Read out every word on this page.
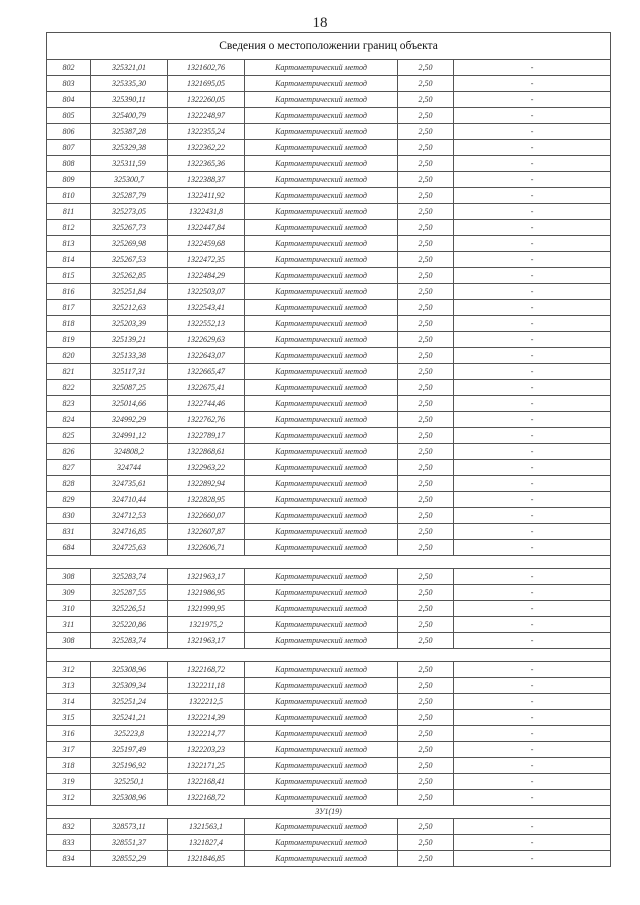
18
Сведения о местоположении границ объекта					
802	325321,01	1321602,76	Картометрический метод	2,50	-
803	325335,30	1321695,05	Картометрический метод	2,50	-
804	325390,11	1322260,05	Картометрический метод	2,50	-
805	325400,79	1322248,97	Картометрический метод	2,50	-
806	325387,28	1322355,24	Картометрический метод	2,50	-
807	325329,38	1322362,22	Картометрический метод	2,50	-
808	325311,59	1322365,36	Картометрический метод	2,50	-
809	325300,7	1322388,37	Картометрический метод	2,50	-
810	325287,79	1322411,92	Картометрический метод	2,50	-
811	325273,05	1322431,8	Картометрический метод	2,50	-
812	325267,73	1322447,84	Картометрический метод	2,50	-
813	325269,98	1322459,68	Картометрический метод	2,50	-
814	325267,53	1322472,35	Картометрический метод	2,50	-
815	325262,85	1322484,29	Картометрический метод	2,50	-
816	325251,84	1322503,07	Картометрический метод	2,50	-
817	325212,63	1322543,41	Картометрический метод	2,50	-
818	325203,39	1322552,13	Картометрический метод	2,50	-
819	325139,21	1322629,63	Картометрический метод	2,50	-
820	325133,38	1322643,07	Картометрический метод	2,50	-
821	325117,31	1322665,47	Картометрический метод	2,50	-
822	325087,25	1322675,41	Картометрический метод	2,50	-
823	325014,66	1322744,46	Картометрический метод	2,50	-
824	324992,29	1322762,76	Картометрический метод	2,50	-
825	324991,12	1322789,17	Картометрический метод	2,50	-
826	324808,2	1322868,61	Картометрический метод	2,50	-
827	324744	1322963,22	Картометрический метод	2,50	-
828	324735,61	1322892,94	Картометрический метод	2,50	-
829	324710,44	1322828,95	Картометрический метод	2,50	-
830	324712,53	1322660,07	Картометрический метод	2,50	-
831	324716,85	1322607,87	Картометрический метод	2,50	-
684	324725,63	1322606,71	Картометрический метод	2,50	-

308	325283,74	1321963,17	Картометрический метод	2,50	-
309	325287,55	1321986,95	Картометрический метод	2,50	-
310	325226,51	1321999,95	Картометрический метод	2,50	-
311	325220,86	1321975,2	Картометрический метод	2,50	-
308	325283,74	1321963,17	Картометрический метод	2,50	-

312	325308,96	1322168,72	Картометрический метод	2,50	-
313	325309,34	1322211,18	Картометрический метод	2,50	-
314	325251,24	1322212,5	Картометрический метод	2,50	-
315	325241,21	1322214,39	Картометрический метод	2,50	-
316	325223,8	1322214,77	Картометрический метод	2,50	-
317	325197,49	1322203,23	Картометрический метод	2,50	-
318	325196,92	1322171,25	Картометрический метод	2,50	-
319	325250,1	1322168,41	Картометрический метод	2,50	-
312	325308,96	1322168,72	Картометрический метод	2,50	-
ЗУ1(19)					
832	328573,11	1321563,1	Картометрический метод	2,50	-
833	328551,37	1321827,4	Картометрический метод	2,50	-
834	328552,29	1321846,85	Картометрический метод	2,50	-
